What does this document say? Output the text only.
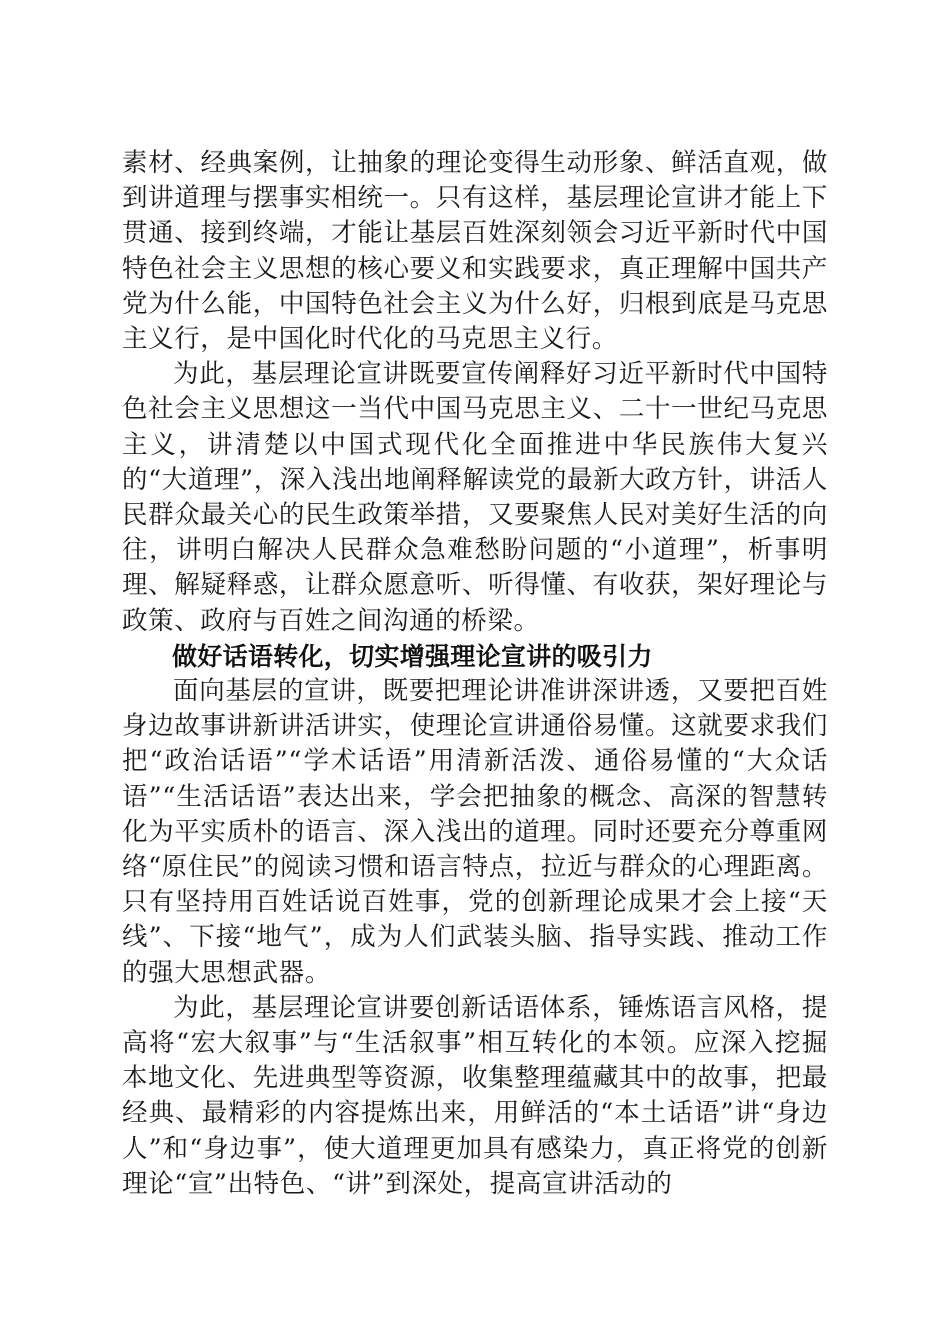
素材、经典案例，让抽象的理论变得生动形象、鲜活直观，做到讲道理与摆事实相统一。只有这样，基层理论宣讲才能上下贯通、接到终端，才能让基层百姓深刻领会习近平新时代中国特色社会主义思想的核心要义和实践要求，真正理解中国共产党为什么能，中国特色社会主义为什么好，归根到底是马克思主义行，是中国化时代化的马克思主义行。

为此，基层理论宣讲既要宣传阐释好习近平新时代中国特色社会主义思想这一当代中国马克思主义、二十一世纪马克思主义，讲清楚以中国式现代化全面推进中华民族伟大复兴的“大道理”，深入浅出地阐释解读党的最新大政方针，讲活人民群众最关心的民生政策举措，又要聚焦人民对美好生活的向往，讲明白解决人民群众急难愁盼问题的“小道理”，析事明理、解疑释惑，让群众愿意听、听得懂、有收获，架好理论与政策、政府与百姓之间沟通的桥梁。

做好话语转化，切实增强理论宣讲的吸引力

面向基层的宣讲，既要把理论讲准讲深讲透，又要把百姓身边故事讲新讲活讲实，使理论宣讲通俗易懂。这就要求我们把“政治话语”“学术话语”用清新活泼、通俗易懂的“大众话语”“生活话语”表达出来，学会把抽象的概念、高深的智慧转化为平实质朴的语言、深入浅出的道理。同时还要充分尊重网络“原住民”的阅读习惯和语言特点，拉近与群众的心理距离。只有坚持用百姓话说百姓事，党的创新理论成果才会上接“天线”、下接“地气”，成为人们武装头脑、指导实践、推动工作的强大思想武器。

为此，基层理论宣讲要创新话语体系，锤炼语言风格，提高将“宏大叙事”与“生活叙事”相互转化的本领。应深入挖掘本地文化、先进典型等资源，收集整理蕴藏其中的故事，把最经典、最精彩的内容提炼出来，用鲜活的“本土话语”讲“身边人”和“身边事”，使大道理更加具有感染力，真正将党的创新理论“宣”出特色、“讲”到深处，提高宣讲活动的
